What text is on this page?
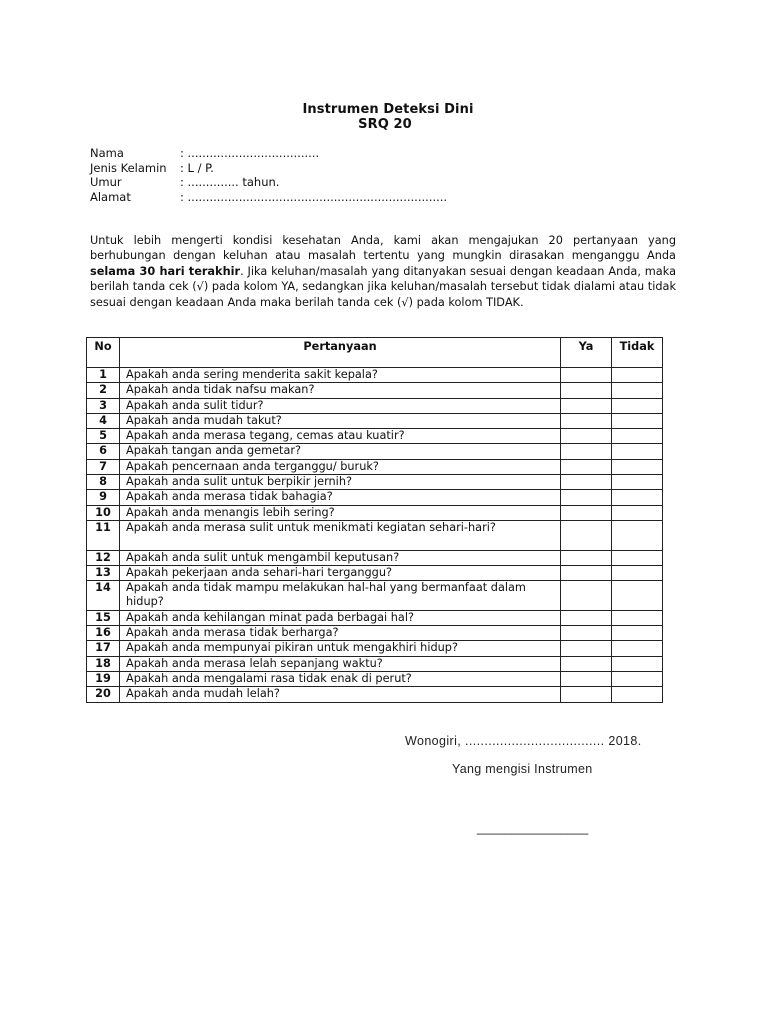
Instrumen Deteksi Dini
SRQ 20
Nama	: ....................................
Jenis Kelamin	: L / P.
Umur	: .............. tahun.
Alamat	: .......................................................................
Untuk lebih mengerti kondisi kesehatan Anda, kami akan mengajukan 20 pertanyaan yang berhubungan dengan keluhan atau masalah tertentu yang mungkin dirasakan menganggu Anda selama 30 hari terakhir. Jika keluhan/masalah yang ditanyakan sesuai dengan keadaan Anda, maka berilah tanda cek (√) pada kolom YA, sedangkan jika keluhan/masalah tersebut tidak dialami atau tidak sesuai dengan keadaan Anda maka berilah tanda cek (√) pada kolom TIDAK.
No	Pertanyaan	Ya	Tidak
1	Apakah anda sering menderita sakit kepala?		
2	Apakah anda tidak nafsu makan?		
3	Apakah anda sulit tidur?		
4	Apakah anda mudah takut?		
5	Apakah anda merasa tegang, cemas atau kuatir?		
6	Apakah tangan anda gemetar?		
7	Apakah pencernaan anda terganggu/ buruk?		
8	Apakah anda sulit untuk berpikir jernih?		
9	Apakah anda merasa tidak bahagia?		
10	Apakah anda menangis lebih sering?		
11	Apakah anda merasa sulit untuk menikmati kegiatan sehari-hari?		
12	Apakah anda sulit untuk mengambil keputusan?		
13	Apakah pekerjaan anda sehari-hari terganggu?		
14	Apakah anda tidak mampu melakukan hal-hal yang bermanfaat dalam hidup?		
15	Apakah anda kehilangan minat pada berbagai hal?		
16	Apakah anda merasa tidak berharga?		
17	Apakah anda mempunyai pikiran untuk mengakhiri hidup?		
18	Apakah anda merasa lelah sepanjang waktu?		
19	Apakah anda mengalami rasa tidak enak di perut?		
20	Apakah anda mudah lelah?		
Wonogiri, .................................... 2018.
Yang mengisi Instrumen
________________
